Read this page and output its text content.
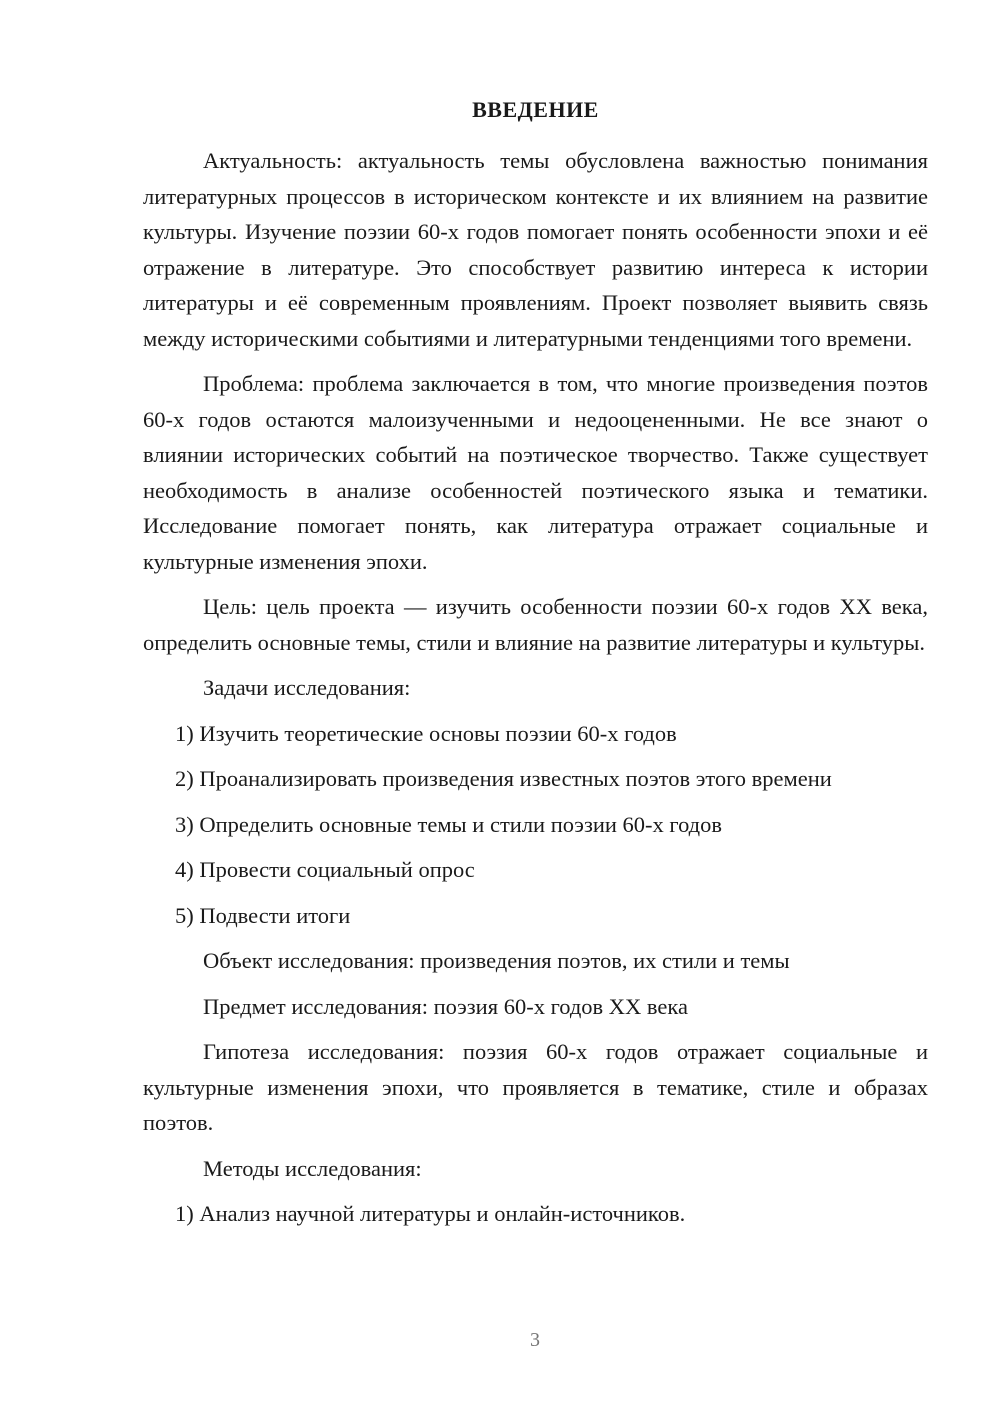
ВВЕДЕНИЕ

Актуальность: актуальность темы обусловлена важностью понимания литературных процессов в историческом контексте и их влиянием на развитие культуры. Изучение поэзии 60-х годов помогает понять особенности эпохи и её отражение в литературе. Это способствует развитию интереса к истории литературы и её современным проявлениям. Проект позволяет выявить связь между историческими событиями и литературными тенденциями того времени.

Проблема: проблема заключается в том, что многие произведения поэтов 60-х годов остаются малоизученными и недооцененными. Не все знают о влиянии исторических событий на поэтическое творчество. Также существует необходимость в анализе особенностей поэтического языка и тематики. Исследование помогает понять, как литература отражает социальные и культурные изменения эпохи.

Цель: цель проекта — изучить особенности поэзии 60-х годов XX века, определить основные темы, стили и влияние на развитие литературы и культуры.

Задачи исследования:
1) Изучить теоретические основы поэзии 60-х годов
2) Проанализировать произведения известных поэтов этого времени
3) Определить основные темы и стили поэзии 60-х годов
4) Провести социальный опрос
5) Подвести итоги
Объект исследования: произведения поэтов, их стили и темы
Предмет исследования: поэзия 60-х годов XX века

Гипотеза исследования: поэзия 60-х годов отражает социальные и культурные изменения эпохи, что проявляется в тематике, стиле и образах поэтов.

Методы исследования:
1) Анализ научной литературы и онлайн-источников.
3
